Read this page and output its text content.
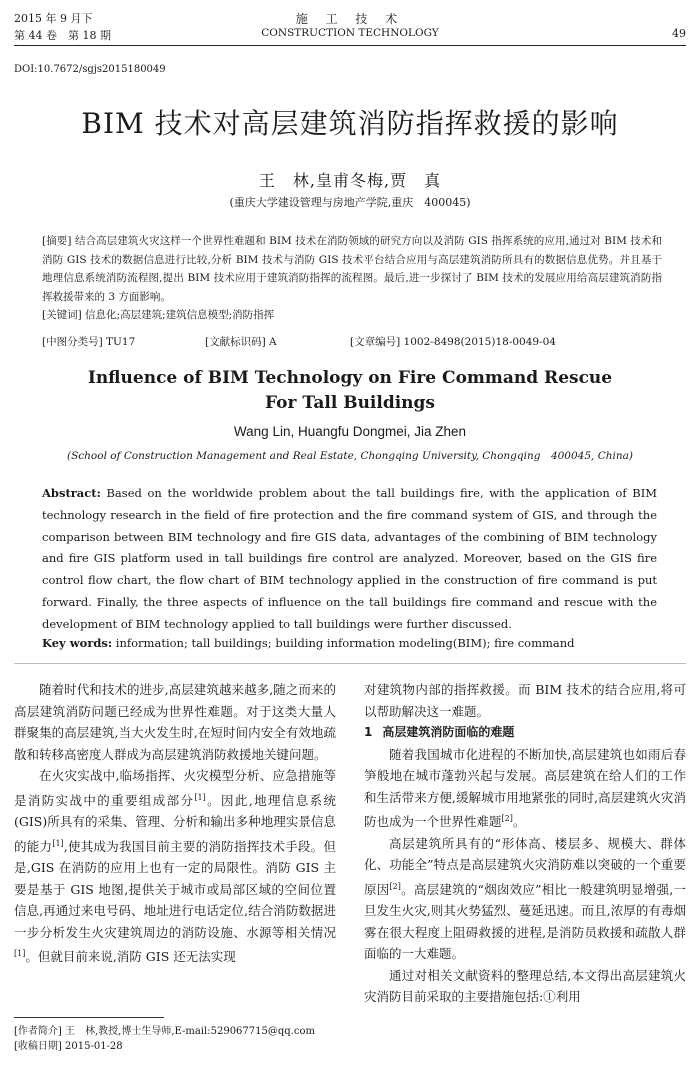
2015 年 9 月下
第 44 卷　第 18 期
施 工 技 术
CONSTRUCTION TECHNOLOGY	49
DOI:10.7672/sgjs2015180049
BIM 技术对高层建筑消防指挥救援的影响
王　林,皇甫冬梅,贾　真
(重庆大学建设管理与房地产学院,重庆　400045)
[摘要] 结合高层建筑火灾这样一个世界性难题和 BIM 技术在消防领域的研究方向以及消防 GIS 指挥系统的应用,通过对 BIM 技术和消防 GIS 技术的数据信息进行比较,分析 BIM 技术与消防 GIS 技术平台结合应用与高层建筑消防所具有的数据信息优势。并且基于地理信息系统消防流程图,提出 BIM 技术应用于建筑消防指挥的流程图。最后,进一步探讨了 BIM 技术的发展应用给高层建筑消防指挥救援带来的 3 方面影响。
[关键词] 信息化;高层建筑;建筑信息模型;消防指挥
[中图分类号] TU17	[文献标识码] A	[文章编号] 1002-8498(2015)18-0049-04
Influence of BIM Technology on Fire Command Rescue
For Tall Buildings
Wang Lin, Huangfu Dongmei, Jia Zhen
(School of Construction Management and Real Estate, Chongqing University, Chongqing　400045, China)
Abstract: Based on the worldwide problem about the tall buildings fire, with the application of BIM technology research in the field of fire protection and the fire command system of GIS, and through the comparison between BIM technology and fire GIS data, advantages of the combining of BIM technology and fire GIS platform used in tall buildings fire control are analyzed. Moreover, based on the GIS fire control flow chart, the flow chart of BIM technology applied in the construction of fire command is put forward. Finally, the three aspects of influence on the tall buildings fire command and rescue with the development of BIM technology applied to tall buildings were further discussed.
Key words: information; tall buildings; building information modeling(BIM); fire command

随着时代和技术的进步,高层建筑越来越多,随之而来的高层建筑消防问题已经成为世界性难题。对于这类大量人群聚集的高层建筑,当大火发生时,在短时间内安全有效地疏散和转移高密度人群成为高层建筑消防救援地关键问题。

在火灾实战中,临场指挥、火灾模型分析、应急措施等是消防实战中的重要组成部分[1]。因此,地理信息系统(GIS)所具有的采集、管理、分析和输出多种地理实景信息的能力[1],使其成为我国目前主要的消防指挥技术手段。但是,GIS 在消防的应用上也有一定的局限性。消防 GIS 主要是基于 GIS 地图,提供关于城市或局部区域的空间位置信息,再通过来电号码、地址进行电话定位,结合消防数据进一步分析发生火灾建筑周边的消防设施、水源等相关情况[1]。但就目前来说,消防 GIS 还无法实现

对建筑物内部的指挥救援。而 BIM 技术的结合应用,将可以帮助解决这一难题。

1 高层建筑消防面临的难题

随着我国城市化进程的不断加快,高层建筑也如雨后春笋般地在城市蓬勃兴起与发展。高层建筑在给人们的工作和生活带来方便,缓解城市用地紧张的同时,高层建筑火灾消防也成为一个世界性难题[2]。

高层建筑所具有的“形体高、楼层多、规模大、群体化、功能全”特点是高层建筑火灾消防难以突破的一个重要原因[2]。高层建筑的“烟囱效应”相比一般建筑明显增强,一旦发生火灾,则其火势猛烈、蔓延迅速。而且,浓厚的有毒烟雾在很大程度上阻碍救援的进程,是消防员救援和疏散人群面临的一大难题。

通过对相关文献资料的整理总结,本文得出高层建筑火灾消防目前采取的主要措施包括:①利用

[作者简介] 王　林,教授,博士生导师,E-mail:529067715@qq.com
[收稿日期] 2015-01-28
